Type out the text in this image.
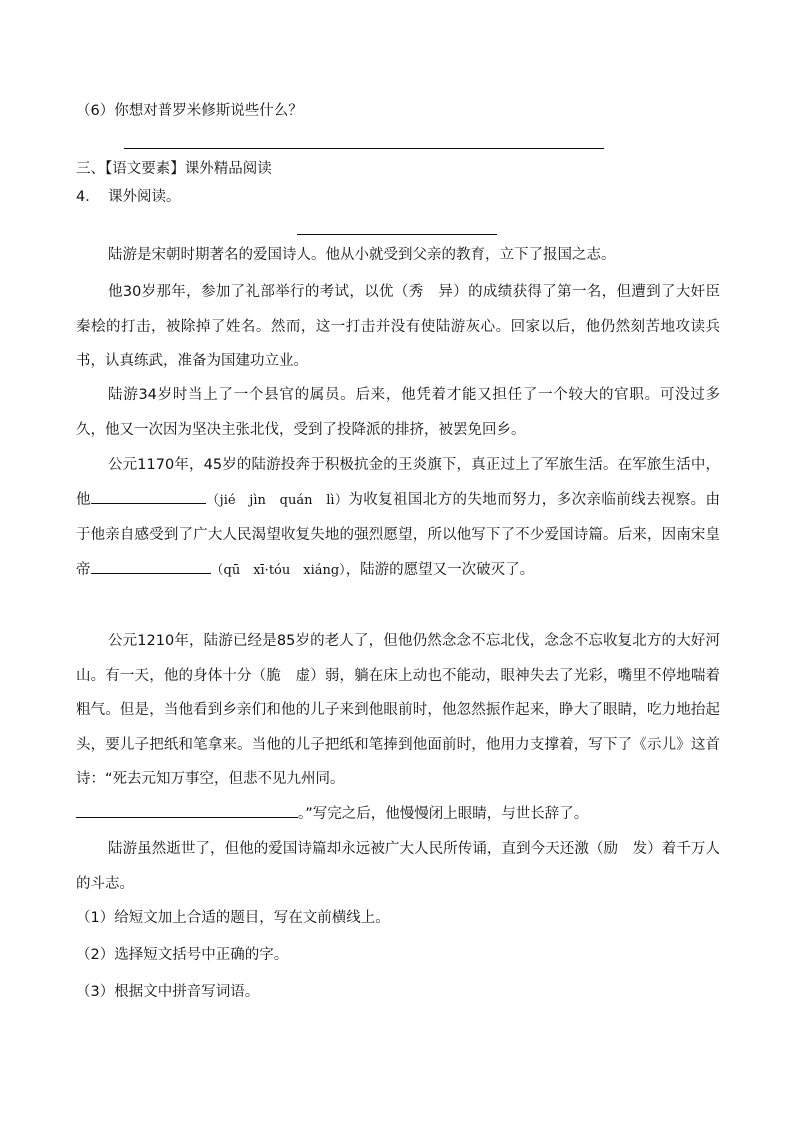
（6）你想对普罗米修斯说些什么？
三、【语文要素】课外精品阅读
4． 课外阅读。
陆游是宋朝时期著名的爱国诗人。他从小就受到父亲的教育，立下了报国之志。
他30岁那年，参加了礼部举行的考试，以优（秀　异）的成绩获得了第一名，但遭到了大奸臣秦桧的打击，被除掉了姓名。然而，这一打击并没有使陆游灰心。回家以后，他仍然刻苦地攻读兵书，认真练武，准备为国建功立业。
陆游34岁时当上了一个县官的属员。后来，他凭着才能又担任了一个较大的官职。可没过多久，他又一次因为坚决主张北伐，受到了投降派的排挤，被罢免回乡。
公元1170年，45岁的陆游投奔于积极抗金的王炎旗下，真正过上了军旅生活。在军旅生活中，他	（jié　jìn　quán　lì）为收复祖国北方的失地而努力，多次亲临前线去视察。由于他亲自感受到了广大人民渴望收复失地的强烈愿望，所以他写下了不少爱国诗篇。后来，因南宋皇帝	（qū　xī·tóu　xiáng），陆游的愿望又一次破灭了。
公元1210年，陆游已经是85岁的老人了，但他仍然念念不忘北伐，念念不忘收复北方的大好河山。有一天，他的身体十分（脆　虚）弱，躺在床上动也不能动，眼神失去了光彩，嘴里不停地喘着粗气。但是，当他看到乡亲们和他的儿子来到他眼前时，他忽然振作起来，睁大了眼睛，吃力地抬起头，要儿子把纸和笔拿来。当他的儿子把纸和笔捧到他面前时，他用力支撑着，写下了《示儿》这首诗：“死去元知万事空，但悲不见九州同。
。”写完之后，他慢慢闭上眼睛，与世长辞了。
陆游虽然逝世了，但他的爱国诗篇却永远被广大人民所传诵，直到今天还激（励　发）着千万人的斗志。
（1）给短文加上合适的题目，写在文前横线上。
（2）选择短文括号中正确的字。
（3）根据文中拼音写词语。
